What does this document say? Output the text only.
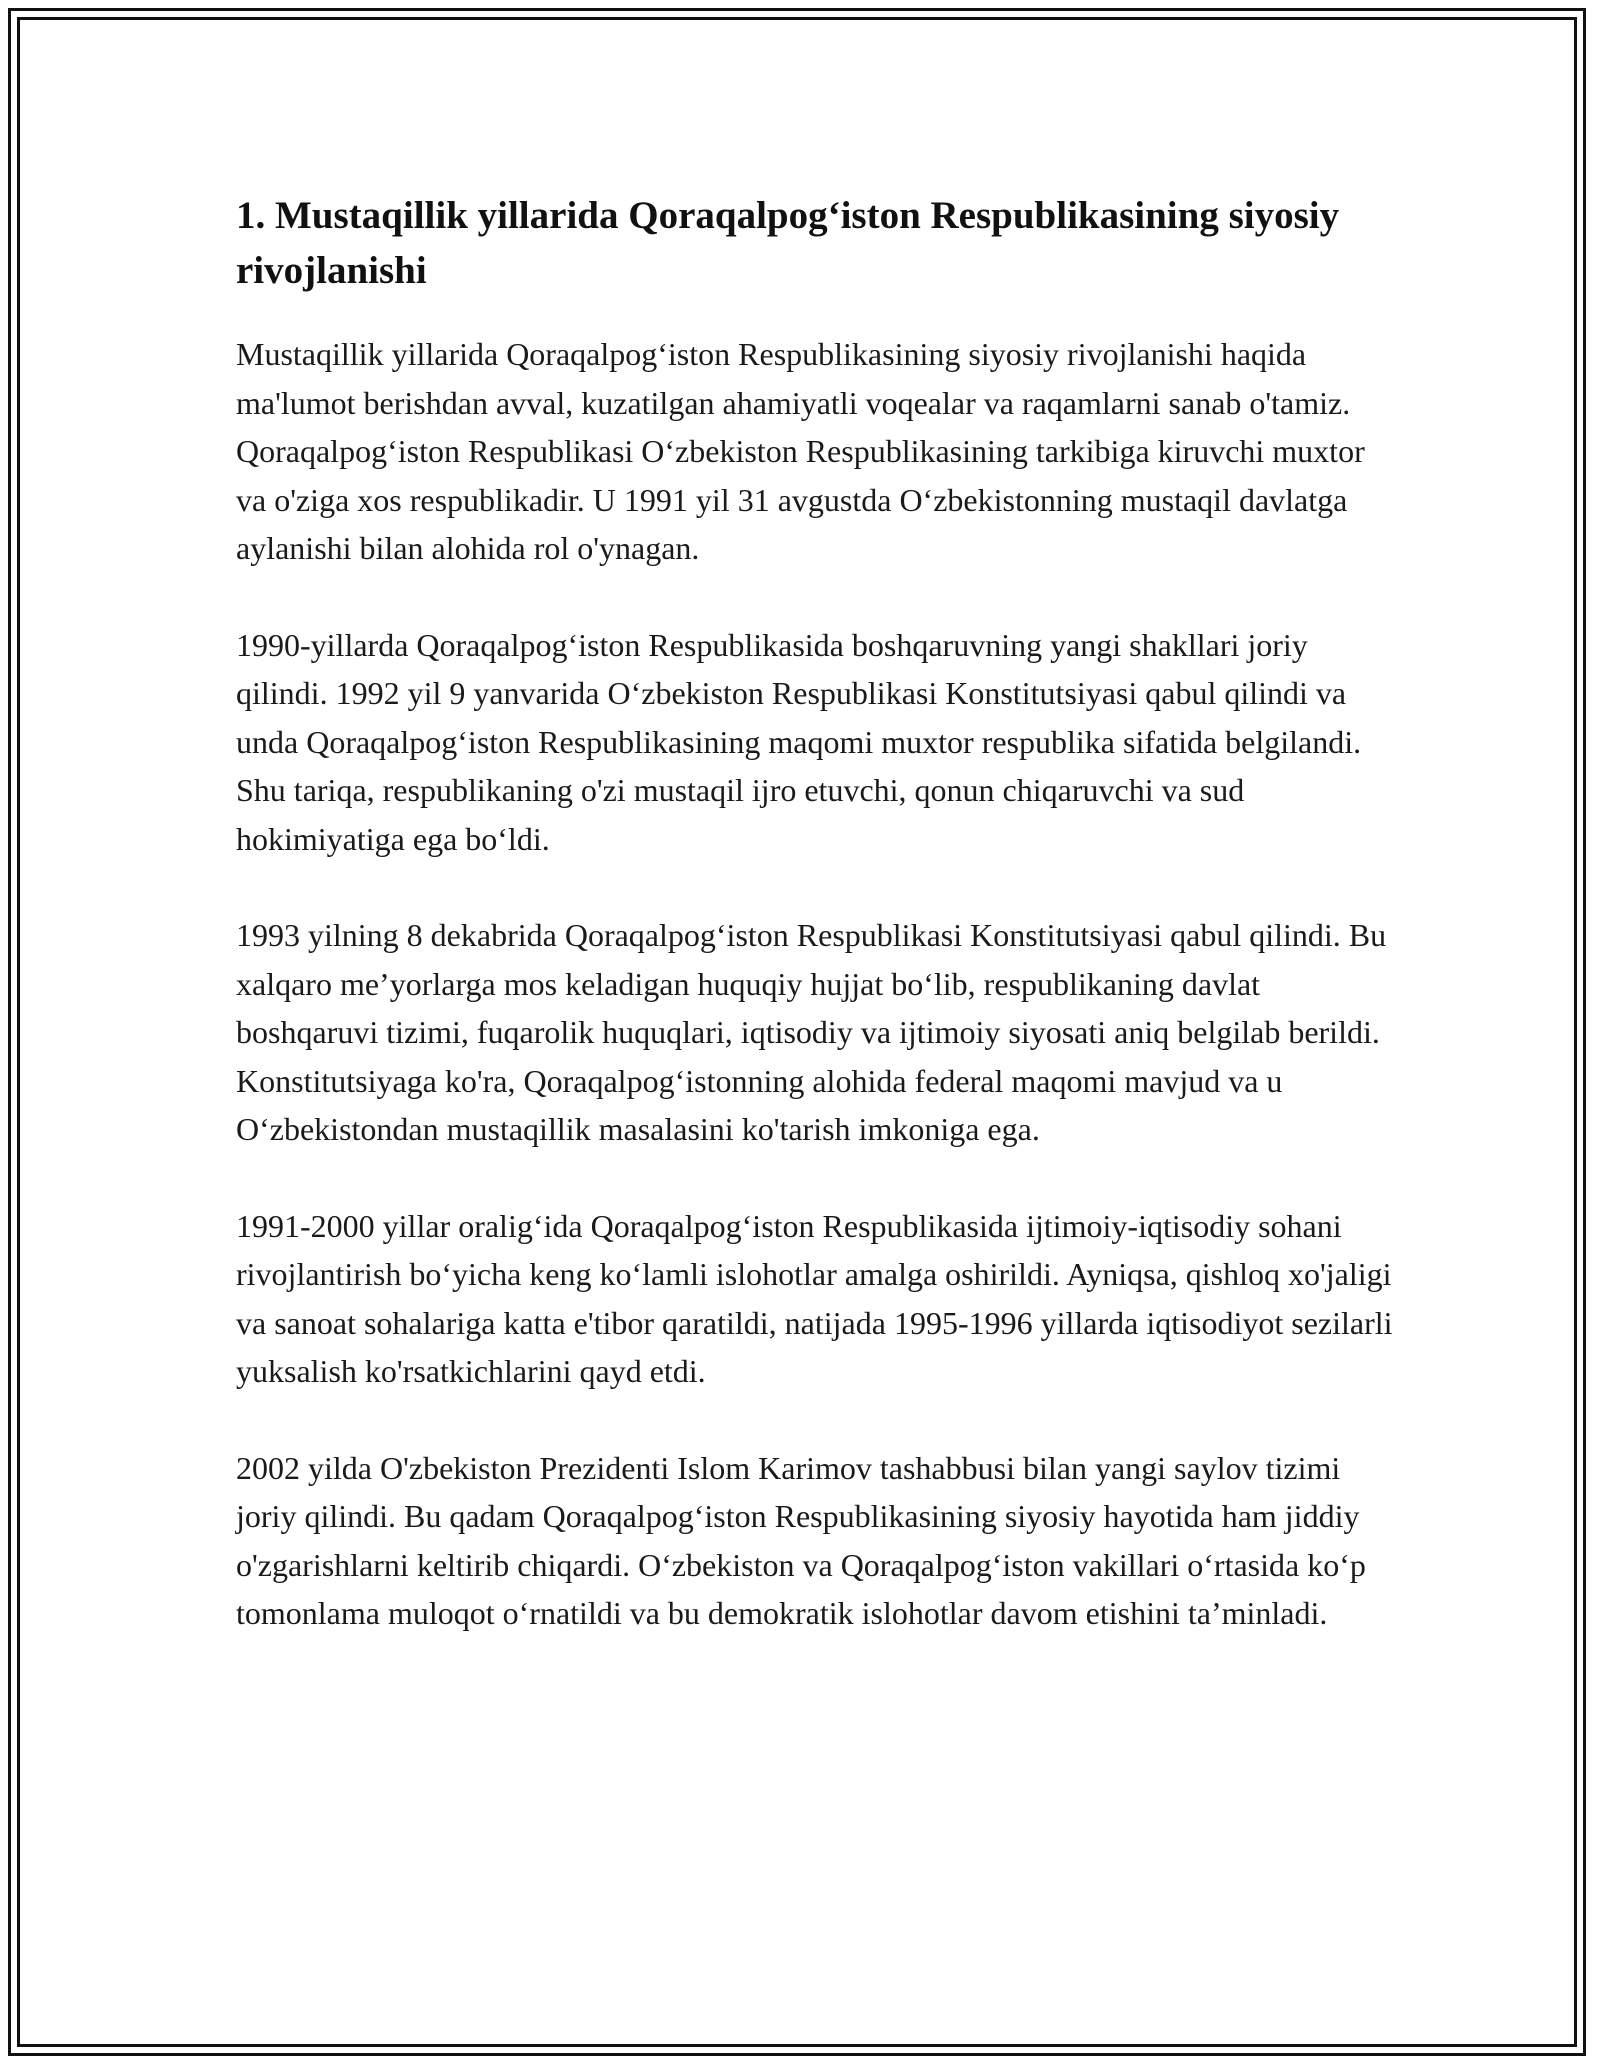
1. Mustaqillik yillarida Qoraqalpog‘iston Respublikasining siyosiy rivojlanishi

Mustaqillik yillarida Qoraqalpog‘iston Respublikasining siyosiy rivojlanishi haqida ma'lumot berishdan avval, kuzatilgan ahamiyatli voqealar va raqamlarni sanab o'tamiz. Qoraqalpog‘iston Respublikasi O‘zbekiston Respublikasining tarkibiga kiruvchi muxtor va o'ziga xos respublikadir. U 1991 yil 31 avgustda O‘zbekistonning mustaqil davlatga aylanishi bilan alohida rol o'ynagan.

1990-yillarda Qoraqalpog‘iston Respublikasida boshqaruvning yangi shakllari joriy qilindi. 1992 yil 9 yanvarida O‘zbekiston Respublikasi Konstitutsiyasi qabul qilindi va unda Qoraqalpog‘iston Respublikasining maqomi muxtor respublika sifatida belgilandi. Shu tariqa, respublikaning o'zi mustaqil ijro etuvchi, qonun chiqaruvchi va sud hokimiyatiga ega bo‘ldi.

1993 yilning 8 dekabrida Qoraqalpog‘iston Respublikasi Konstitutsiyasi qabul qilindi. Bu xalqaro me’yorlarga mos keladigan huquqiy hujjat bo‘lib, respublikaning davlat boshqaruvi tizimi, fuqarolik huquqlari, iqtisodiy va ijtimoiy siyosati aniq belgilab berildi. Konstitutsiyaga ko'ra, Qoraqalpog‘istonning alohida federal maqomi mavjud va u O‘zbekistondan mustaqillik masalasini ko'tarish imkoniga ega.

1991-2000 yillar oralig‘ida Qoraqalpog‘iston Respublikasida ijtimoiy-iqtisodiy sohani rivojlantirish bo‘yicha keng ko‘lamli islohotlar amalga oshirildi. Ayniqsa, qishloq xo'jaligi va sanoat sohalariga katta e'tibor qaratildi, natijada 1995-1996 yillarda iqtisodiyot sezilarli yuksalish ko'rsatkichlarini qayd etdi.

2002 yilda O'zbekiston Prezidenti Islom Karimov tashabbusi bilan yangi saylov tizimi joriy qilindi. Bu qadam Qoraqalpog‘iston Respublikasining siyosiy hayotida ham jiddiy o'zgarishlarni keltirib chiqardi. O‘zbekiston va Qoraqalpog‘iston vakillari o‘rtasida ko‘p tomonlama muloqot o‘rnatildi va bu demokratik islohotlar davom etishini ta’minladi.
